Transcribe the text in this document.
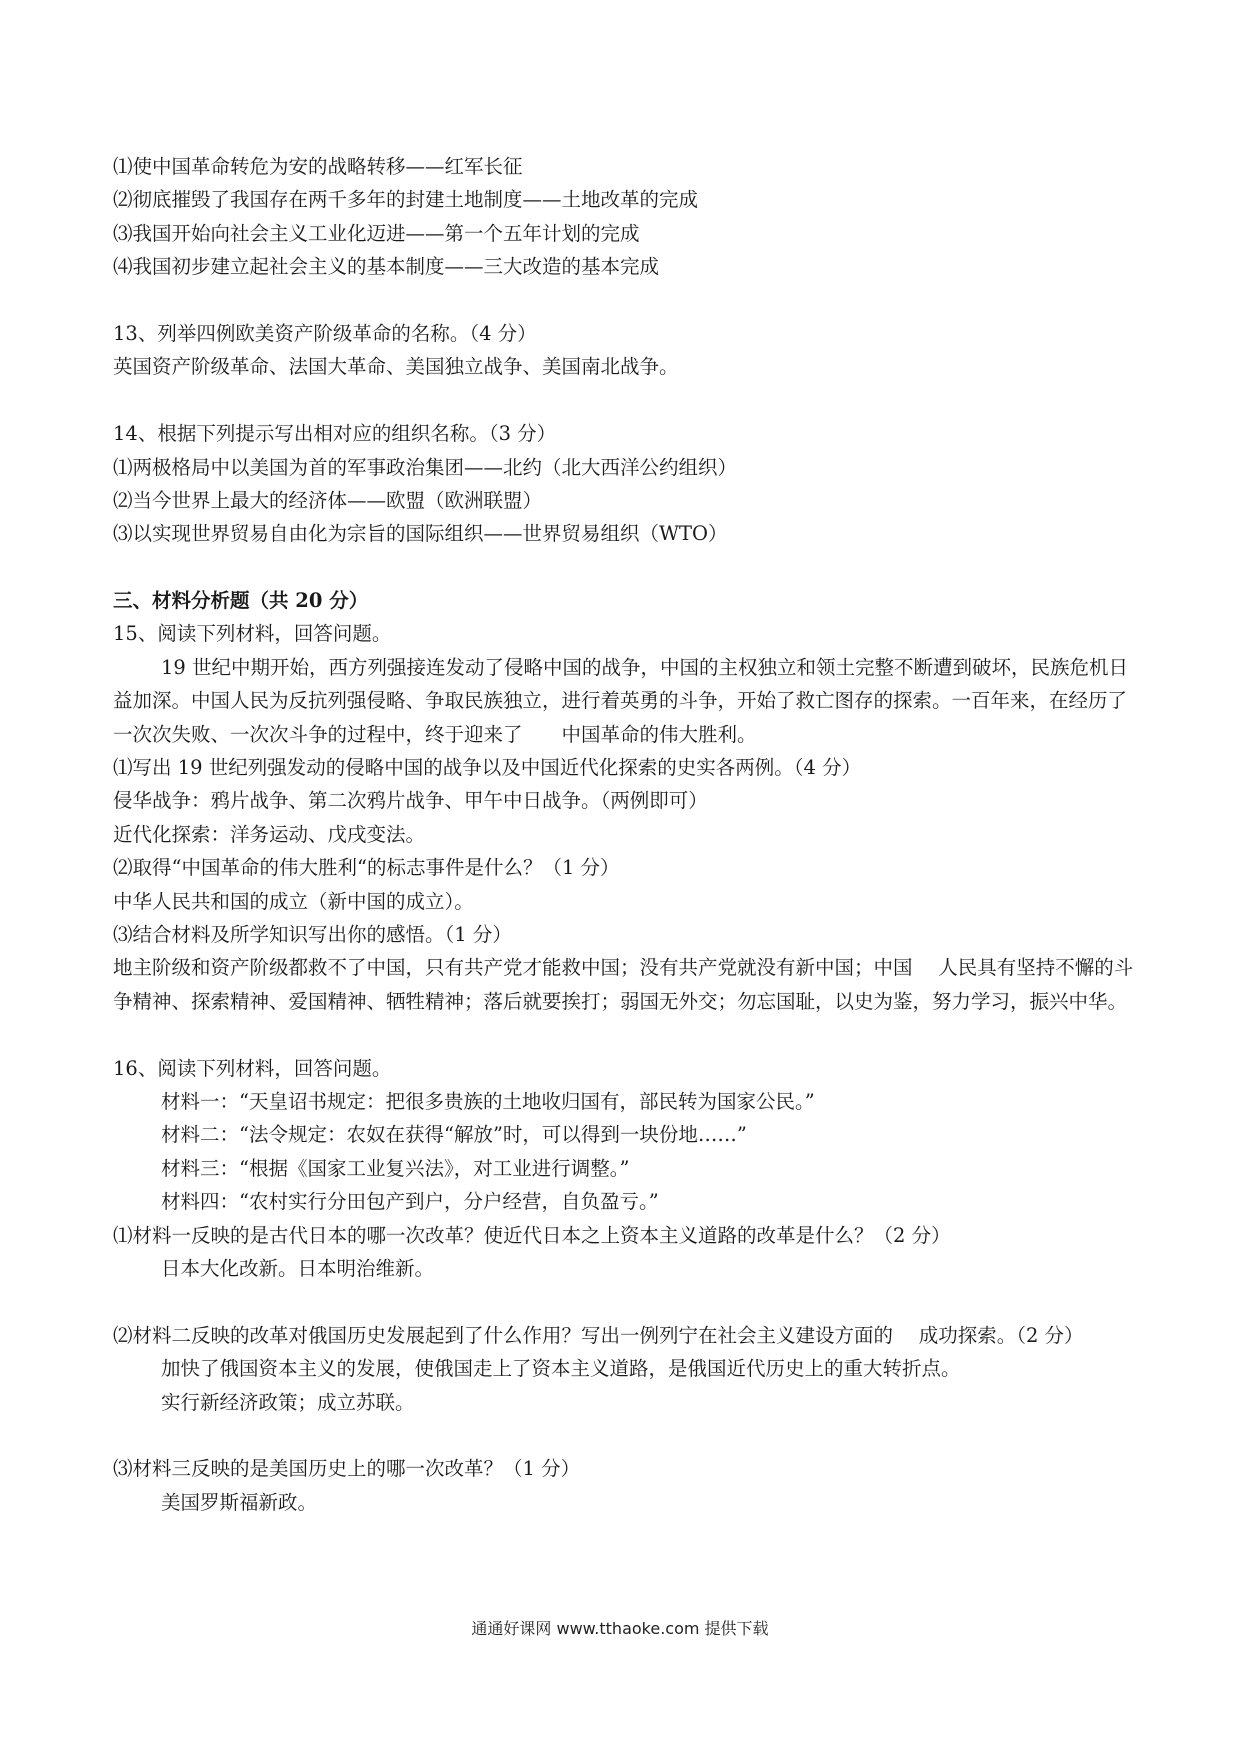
⑴使中国革命转危为安的战略转移——红军长征
⑵彻底摧毁了我国存在两千多年的封建土地制度——土地改革的完成
⑶我国开始向社会主义工业化迈进——第一个五年计划的完成
⑷我国初步建立起社会主义的基本制度——三大改造的基本完成
13、列举四例欧美资产阶级革命的名称。（4 分）
英国资产阶级革命、法国大革命、美国独立战争、美国南北战争。
14、根据下列提示写出相对应的组织名称。（3 分）
⑴两极格局中以美国为首的军事政治集团——北约（北大西洋公约组织）
⑵当今世界上最大的经济体——欧盟（欧洲联盟）
⑶以实现世界贸易自由化为宗旨的国际组织——世界贸易组织（WTO）
三、材料分析题（共 20 分）
15、阅读下列材料，回答问题。
19 世纪中期开始，西方列强接连发动了侵略中国的战争，中国的主权独立和领土完整不断遭到破坏，民族危机日益加深。中国人民为反抗列强侵略、争取民族独立，进行着英勇的斗争，开始了救亡图存的探索。一百年来，在经历了一次次失败、一次次斗争的过程中，终于迎来了　　中国革命的伟大胜利。
⑴写出 19 世纪列强发动的侵略中国的战争以及中国近代化探索的史实各两例。（4 分）
侵华战争：鸦片战争、第二次鸦片战争、甲午中日战争。（两例即可）
近代化探索：洋务运动、戊戌变法。
⑵取得“中国革命的伟大胜利“的标志事件是什么？（1 分）
中华人民共和国的成立（新中国的成立）。
⑶结合材料及所学知识写出你的感悟。（1 分）
地主阶级和资产阶级都救不了中国，只有共产党才能救中国；没有共产党就没有新中国；中国　 人民具有坚持不懈的斗争精神、探索精神、爱国精神、牺牲精神；落后就要挨打；弱国无外交；勿忘国耻，以史为鉴，努力学习，振兴中华。
16、阅读下列材料，回答问题。
材料一：“天皇诏书规定：把很多贵族的土地收归国有，部民转为国家公民。”
材料二：“法令规定：农奴在获得“解放”时，可以得到一块份地……”
材料三：“根据《国家工业复兴法》，对工业进行调整。”
材料四：“农村实行分田包产到户，分户经营，自负盈亏。”
⑴材料一反映的是古代日本的哪一次改革？使近代日本之上资本主义道路的改革是什么？（2 分）
日本大化改新。日本明治维新。
⑵材料二反映的改革对俄国历史发展起到了什么作用？写出一例列宁在社会主义建设方面的　 成功探索。（2 分）
加快了俄国资本主义的发展，使俄国走上了资本主义道路，是俄国近代历史上的重大转折点。
实行新经济政策；成立苏联。
⑶材料三反映的是美国历史上的哪一次改革？（1 分）
美国罗斯福新政。
通通好课网 www.tthaoke.com 提供下载
